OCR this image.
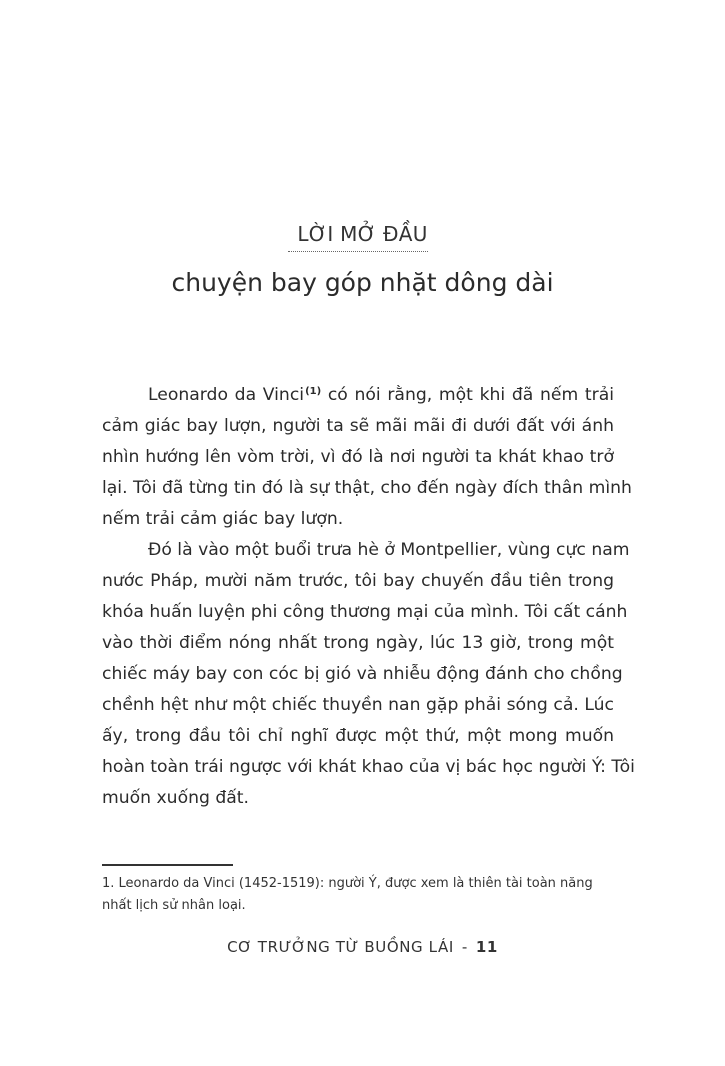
LỜI MỞ ĐẦU
chuyện bay góp nhặt dông dài
Leonardo da Vinci$^{(1)}$ có nói rằng, một khi đã nếm trải
cảm giác bay lượn, người ta sẽ mãi mãi đi dưới đất với ánh
nhìn hướng lên vòm trời, vì đó là nơi người ta khát khao trở
lại. Tôi đã từng tin đó là sự thật, cho đến ngày đích thân mình
nếm trải cảm giác bay lượn.
Đó là vào một buổi trưa hè ở Montpellier, vùng cực nam
nước Pháp, mười năm trước, tôi bay chuyến đầu tiên trong
khóa huấn luyện phi công thương mại của mình. Tôi cất cánh
vào thời điểm nóng nhất trong ngày, lúc 13 giờ, trong một
chiếc máy bay con cóc bị gió và nhiễu động đánh cho chồng
chềnh hệt như một chiếc thuyền nan gặp phải sóng cả. Lúc
ấy, trong đầu tôi chỉ nghĩ được một thứ, một mong muốn
hoàn toàn trái ngược với khát khao của vị bác học người Ý: Tôi
muốn xuống đất.
1. Leonardo da Vinci (1452-1519): người Ý, được xem là thiên tài toàn năng nhất lịch sử nhân loại.
CƠ TRƯỞNG TỪ BUỒNG LÁI - 11
